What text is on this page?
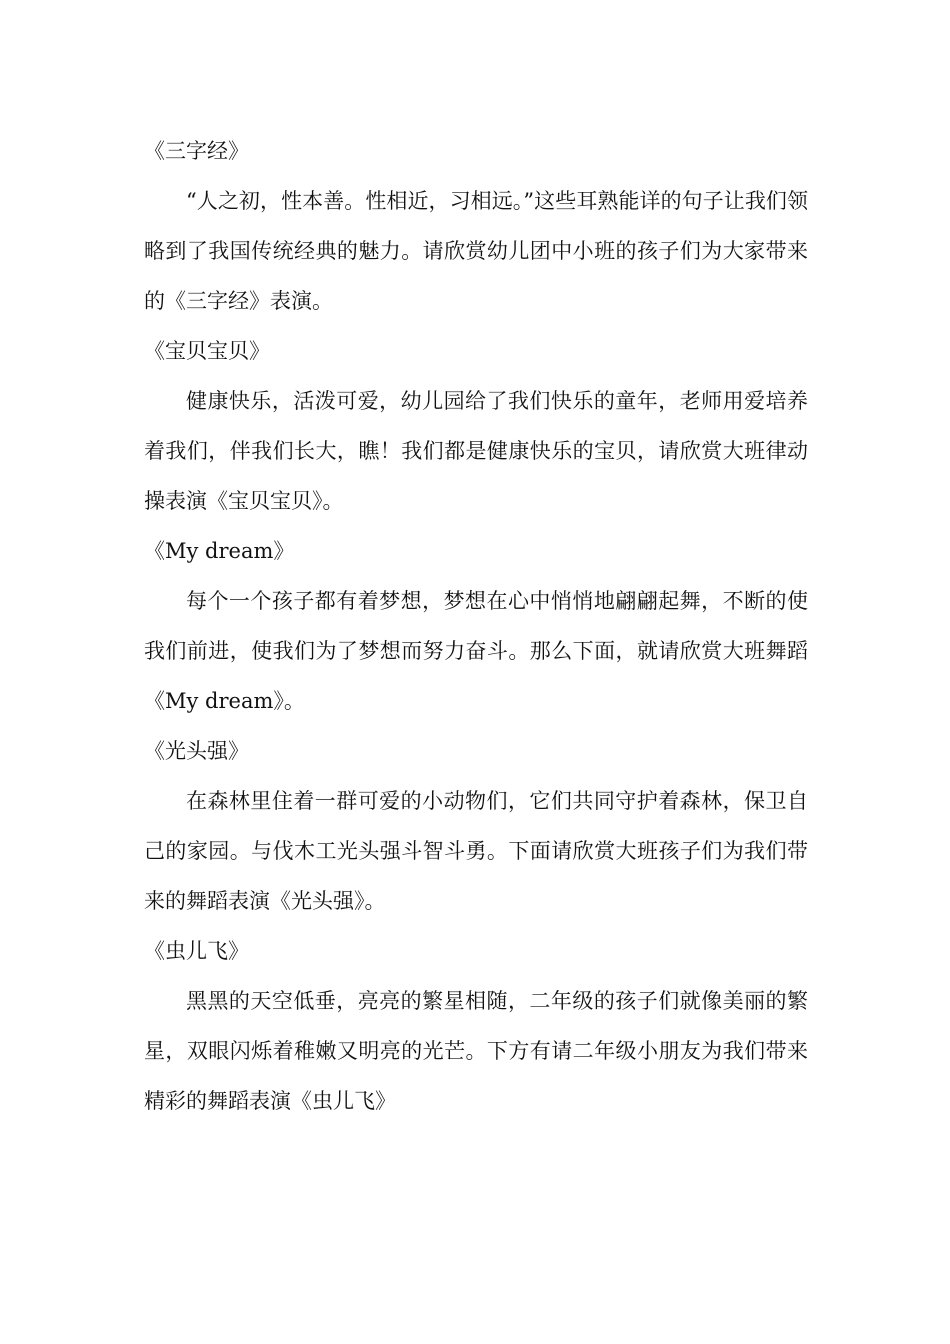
《三字经》

“人之初，性本善。性相近，习相远。”这些耳熟能详的句子让我们领略到了我国传统经典的魅力。请欣赏幼儿团中小班的孩子们为大家带来的《三字经》表演。

《宝贝宝贝》

健康快乐，活泼可爱，幼儿园给了我们快乐的童年，老师用爱培养着我们，伴我们长大，瞧！我们都是健康快乐的宝贝，请欣赏大班律动操表演《宝贝宝贝》。

《My dream》

每个一个孩子都有着梦想，梦想在心中悄悄地翩翩起舞，不断的使我们前进，使我们为了梦想而努力奋斗。那么下面，就请欣赏大班舞蹈《My dream》。

《光头强》

在森林里住着一群可爱的小动物们，它们共同守护着森林，保卫自己的家园。与伐木工光头强斗智斗勇。下面请欣赏大班孩子们为我们带来的舞蹈表演《光头强》。

《虫儿飞》

黑黑的天空低垂，亮亮的繁星相随，二年级的孩子们就像美丽的繁星，双眼闪烁着稚嫩又明亮的光芒。下方有请二年级小朋友为我们带来精彩的舞蹈表演《虫儿飞》
